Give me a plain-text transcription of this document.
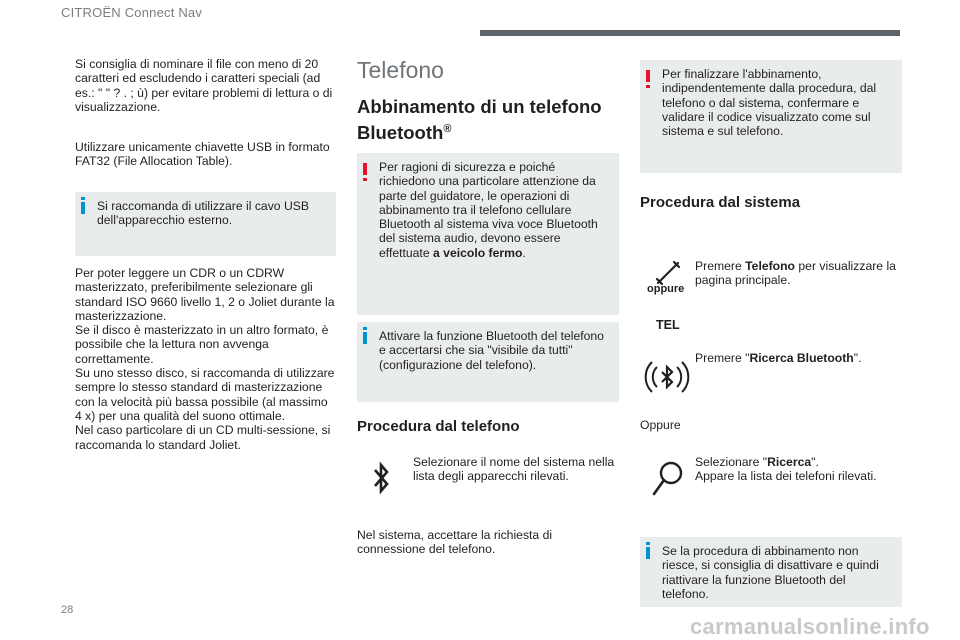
CITROËN Connect Nav

Si consiglia di nominare il file con meno di 20 caratteri ed escludendo i caratteri speciali (ad es.: " " ? . ; ù) per evitare problemi di lettura o di visualizzazione.

Utilizzare unicamente chiavette USB in formato FAT32 (File Allocation Table).

Si raccomanda di utilizzare il cavo USB dell'apparecchio esterno.

Per poter leggere un CDR o un CDRW masterizzato, preferibilmente selezionare gli standard ISO 9660 livello 1, 2 o Joliet durante la masterizzazione.

Se il disco è masterizzato in un altro formato, è possibile che la lettura non avvenga correttamente.

Su uno stesso disco, si raccomanda di utilizzare sempre lo stesso standard di masterizzazione con la velocità più bassa possibile (al massimo 4 x) per una qualità del suono ottimale.

Nel caso particolare di un CD multi-sessione, si raccomanda lo standard Joliet.

Telefono
Abbinamento di un telefono Bluetooth®
Per ragioni di sicurezza e poiché richiedono una particolare attenzione da parte del guidatore, le operazioni di abbinamento tra il telefono cellulare Bluetooth al sistema viva voce Bluetooth del sistema audio, devono essere effettuate a veicolo fermo.
Attivare la funzione Bluetooth del telefono e accertarsi che sia "visibile da tutti" (configurazione del telefono).
Procedura dal telefono

Selezionare il nome del sistema nella lista degli apparecchi rilevati.

Nel sistema, accettare la richiesta di connessione del telefono.

Per finalizzare l'abbinamento, indipendentemente dalla procedura, dal telefono o dal sistema, confermare e validare il codice visualizzato come sul sistema e sul telefono.
Procedura dal sistema

Premere Telefono per visualizzare la pagina principale.

oppure
TEL

Premere "Ricerca Bluetooth".

Oppure

Selezionare "Ricerca".

Appare la lista dei telefoni rilevati.

Se la procedura di abbinamento non riesce, si consiglia di disattivare e quindi riattivare la funzione Bluetooth del telefono.
28
carmanualsonline.info
